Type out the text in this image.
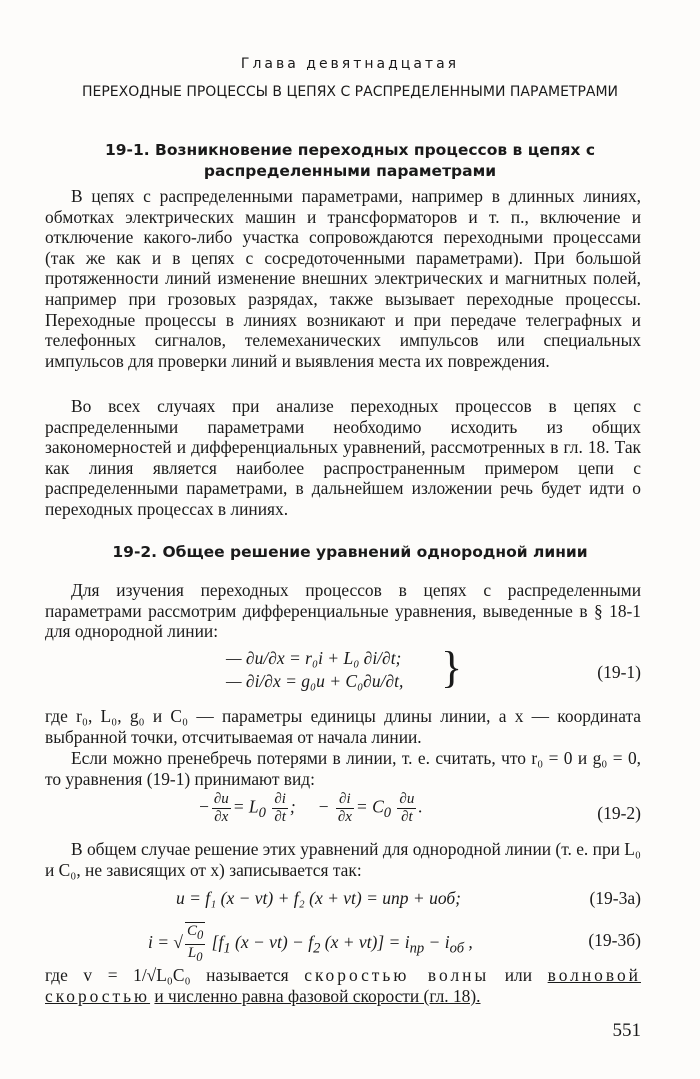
Глава девятнадцатая
ПЕРЕХОДНЫЕ ПРОЦЕССЫ В ЦЕПЯХ С РАСПРЕДЕЛЕННЫМИ ПАРАМЕТРАМИ
19-1. Возникновение переходных процессов в цепях с распределенными параметрами
В цепях с распределенными параметрами, например в длинных линиях, обмотках электрических машин и трансформаторов и т. п., включение и отключение какого-либо участка сопровождаются переходными процессами (так же как и в цепях с сосредоточенными параметрами). При большой протяженности линий изменение внешних электрических и магнитных полей, например при грозовых разрядах, также вызывает переходные процессы. Переходные процессы в линиях возникают и при передаче телеграфных и телефонных сигналов, телемеханических импульсов или специальных импульсов для проверки линий и выявления места их повреждения.
Во всех случаях при анализе переходных процессов в цепях с распределенными параметрами необходимо исходить из общих закономерностей и дифференциальных уравнений, рассмотренных в гл. 18. Так как линия является наиболее распространенным примером цепи с распределенными параметрами, в дальнейшем изложении речь будет идти о переходных процессах в линиях.
19-2. Общее решение уравнений однородной линии
Для изучения переходных процессов в цепях с распределенными параметрами рассмотрим дифференциальные уравнения, выведенные в § 18-1 для однородной линии:
— ∂u/∂x = r₀i + L₀ ∂i/∂t;
— ∂i/∂x = g₀u + C₀∂u/∂t, }	(19-1)
где r₀, L₀, g₀ и C₀ — параметры единицы длины линии, а x — координата выбранной точки, отсчитываемая от начала линии.
Если можно пренебречь потерями в линии, т. е. считать, что r₀ = 0 и g₀ = 0, то уравнения (19-1) принимают вид:
− $\frac{\partial u}{\partial x} = L_0 \frac{\partial i}{\partial t}$ ;     − $\frac{\partial i}{\partial x} = C_0 \frac{\partial u}{\partial t}$ .	(19-2)
В общем случае решение этих уравнений для однородной линии (т. е. при L₀ и C₀, не зависящих от x) записывается так:
u = f₁ (x − vt) + f₂ (x + vt) = uпр + uоб;	(19-3а)
i = √ $\frac{C_0}{L_0} [f_1$ $(x - vt) - f_2$ $(x + vt)] = i_{пр} - i_{об}$ ,	(19-3б)
где v = 1/√L₀C₀ называется скоростью волны или волновой скоростью и численно равна фазовой скорости (гл. 18).
551
